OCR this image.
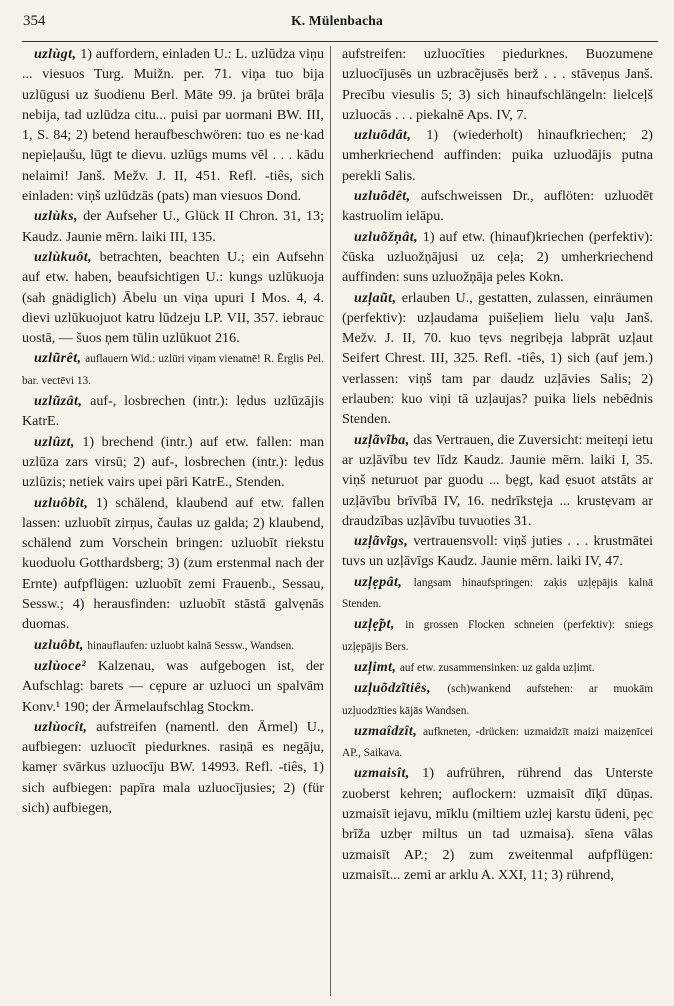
354	K. Mülenbacha

uzlùgt, 1) auffordern, einladen U.: L. uzlūdza viņu ... viesuos Turg. Muižn. per. 71. viņa tuo bija uzlūgusi uz šuodienu Berl. Māte 99. ja brūtei brāļa nebija, tad uzlūdza citu... puisi par uormani BW. III, 1, S. 84; 2) betend heraufbeschwören: tuo es ne·kad nepieļaušu, lūgt te dievu. uzlūgs mums vēl . . . kādu nelaimi! Janš. Mežv. J. II, 451. Refl. -tiês, sich einladen: viņš uzlūdzās (pats) man viesuos Dond.

uzlùks, der Aufseher U., Glück II Chron. 31, 13; Kaudz. Jaunie mērn. laiki III, 135.

uzlùkuôt, betrachten, beachten U.; ein Aufsehn auf etw. haben, beaufsichtigen U.: kungs uzlūkuoja (sah gnädiglich) Ābelu un viņa upuri I Mos. 4, 4. dievi uzlūkuojuot katru lūdzeju LP. VII, 357. iebrauc uostā, — šuos ņem tūlin uzlūkuot 216.

uzlũrêt, auflauern Wid.: uzlūri viņam vienatnē! R. Ērglis Pel. bar. vectēvi 13.

uzlũzât, auf-, losbrechen (intr.): lẹdus uzlūzājis KatrE.

uzlûzt, 1) brechend (intr.) auf etw. fallen: man uzlūza zars virsū; 2) auf-, losbrechen (intr.): lẹdus uzlūzis; netiek vairs upei pāri KatrE., Stenden.

uzluôbît, 1) schälend, klaubend auf etw. fallen lassen: uzluobīt zirņus, čaulas uz galda; 2) klaubend, schälend zum Vorschein bringen: uzluobīt riekstu kuoduolu Gotthardsberg; 3) (zum erstenmal nach der Ernte) aufpflügen: uzluobīt zemi Frauenb., Sessau, Sessw.; 4) herausfinden: uzluobīt stāstā galvẹnās duomas.

uzluôbt, hinauflaufen: uzluobt kalnā Sessw., Wandsen.

uzlùoce² Kalzenau, was aufgebogen ist, der Aufschlag: barets — cẹpure ar uzluoci un spalvām Konv.¹ 190; der Ärmelaufschlag Stockm.

uzlùocît, aufstreifen (namentl. den Ärmel) U., aufbiegen: uzluocīt piedurknes. rasiņā es negāju, kamẹr svārkus uzluocīju BW. 14993. Refl. -tiês, 1) sich aufbiegen: papīra mala uzluocījusies; 2) (für sich) aufbiegen,

aufstreifen: uzluocīties piedurknes. Buozumene uzluocījusēs un uzbracẽjusēs berž . . . stāveņus Janš. Precību viesulis 5; 3) sich hinaufschlängeln: lielceļš uzluocās . . . piekalnē Aps. IV, 7.

uzluõdât, 1) (wiederholt) hinaufkriechen; 2) umherkriechend auffinden: puika uzluodājis putna perekli Salis.

uzluõdêt, aufschweissen Dr., auflöten: uzluodēt kastruolim ielāpu.

uzluõžņât, 1) auf etw. (hinauf)kriechen (perfektiv): čūska uzluožņājusi uz ceļa; 2) umherkriechend auffinden: suns uzluožņāja peles Kokn.

uzļaũt, erlauben U., gestatten, zulassen, einräumen (perfektiv): uzļaudama puišeļiem lielu vaļu Janš. Mežv. J. II, 70. kuo tẹvs negribẹja labprāt uzļaut Seifert Chrest. III, 325. Refl. -tiês, 1) sich (auf jem.) verlassen: viņš tam par daudz uzļāvies Salis; 2) erlauben: kuo viņi tā uzļaujas? puika liels nebēdnis Stenden.

uzļãvĩba, das Vertrauen, die Zuversicht: meiteņi ietu ar uzļāvību tev līdz Kaudz. Jaunie mērn. laiki I, 35. viņš neturuot par guodu ... bẹgt, kad ẹsuot atstāts ar uzļāvību brīvībā IV, 16. nedrīkstẹja ... krustẹvam ar draudzības uzļāvību tuvuoties 31.

uzļãvĩgs, vertrauensvoll: viņš juties . . . krustmātei tuvs un uzļāvīgs Kaudz. Jaunie mērn. laiki IV, 47.

uzļẹpât, langsam hinaufspringen: zaķis uzļẹpājis kalnā Stenden.

uzļẹ̃pt, in grossen Flocken schneien (perfektiv): sniegs uzļẹpājis Bers.

uzļimt, auf etw. zusammensinken: uz galda uzļimt.

uzļuõdzĩtiês, (sch)wankend aufstehen: ar muokām uzļuodzīties kājās Wandsen.

uzmaîdzît, aufkneten, -drücken: uzmaidzīt maizi maizẹnīcei AP., Saikava.

uzmaisît, 1) aufrühren, rührend das Unterste zuoberst kehren; auflockern: uzmaisīt dīķī dūņas. uzmaisīt iejavu, mīklu (miltiem uzlej karstu ūdeni, pẹc brīža uzbẹr miltus un tad uzmaisa). sīena vālas uzmaisīt AP.; 2) zum zweitenmal aufpflügen: uzmaisīt... zemi ar arklu A. XXI, 11; 3) rührend,
